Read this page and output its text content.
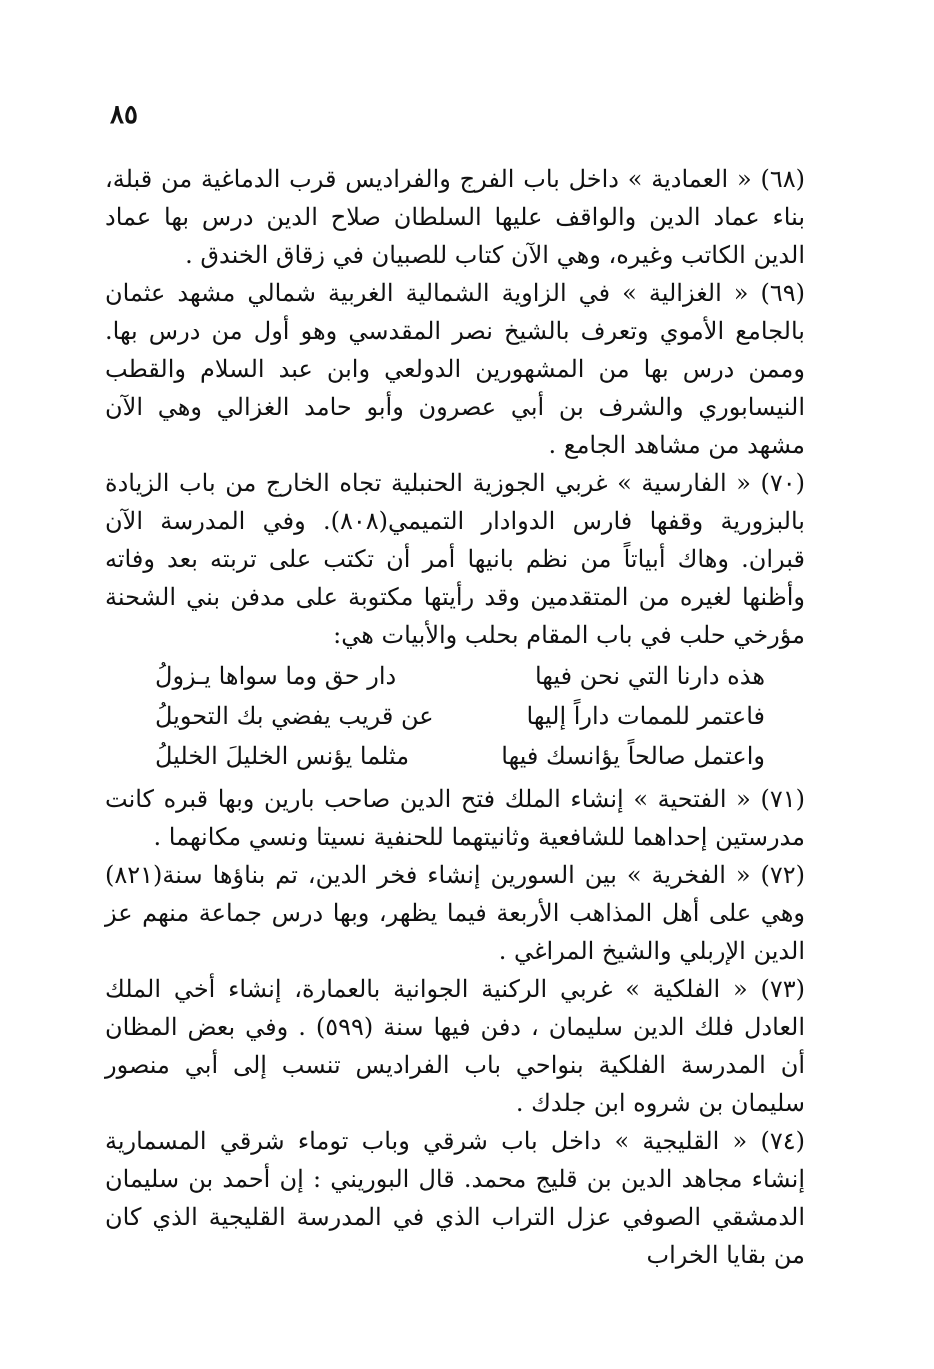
٨٥

(٦٨) « العمادية » داخل باب الفرج والفراديس قرب الدماغية من قبلة، بناء عماد الدين والواقف عليها السلطان صلاح الدين درس بها عماد الدين الكاتب وغيره، وهي الآن كتاب للصبيان في زقاق الخندق .

(٦٩) « الغزالية » في الزاوية الشمالية الغربية شمالي مشهد عثمان بالجامع الأموي وتعرف بالشيخ نصر المقدسي وهو أول من درس بها. وممن درس بها من المشهورين الدولعي وابن عبد السلام والقطب النيسابوري والشرف بن أبي عصرون وأبو حامد الغزالي وهي الآن مشهد من مشاهد الجامع .

(٧٠) « الفارسية » غربي الجوزية الحنبلية تجاه الخارج من باب الزيادة بالبزورية وقفها فارس الدوادار التميمي(٨٠٨). وفي المدرسة الآن قبران. وهاك أبياتاً من نظم بانيها أمر أن تكتب على تربته بعد وفاته وأظنها لغيره من المتقدمين وقد رأيتها مكتوبة على مدفن بني الشحنة مؤرخي حلب في باب المقام بحلب والأبيات هي:

هذه دارنا التي نحن فيها
دار حق وما سواها يـزولُ
فاعتمر للممات داراً إليها
عن قريب يفضي بك التحويلُ
واعتمل صالحاً يؤانسك فيها
مثلما يؤنس الخليلَ الخليلُ

(٧١) « الفتحية » إنشاء الملك فتح الدين صاحب بارين وبها قبره كانت مدرستين إحداهما للشافعية وثانيتهما للحنفية نسيتا ونسي مكانهما .

(٧٢) « الفخرية » بين السورين إنشاء فخر الدين، تم بناؤها سنة(٨٢١) وهي على أهل المذاهب الأربعة فيما يظهر، وبها درس جماعة منهم عز الدين الإربلي والشيخ المراغي .

(٧٣) « الفلكية » غربي الركنية الجوانية بالعمارة، إنشاء أخي الملك العادل فلك الدين سليمان ، دفن فيها سنة (٥٩٩) . وفي بعض المظان أن المدرسة الفلكية بنواحي باب الفراديس تنسب إلى أبي منصور سليمان بن شروه ابن جلدك .

(٧٤) « القليجية » داخل باب شرقي وباب توماء شرقي المسمارية إنشاء مجاهد الدين بن قليج محمد. قال البوريني : إن أحمد بن سليمان الدمشقي الصوفي عزل التراب الذي في المدرسة القليجية الذي كان من بقايا الخراب
